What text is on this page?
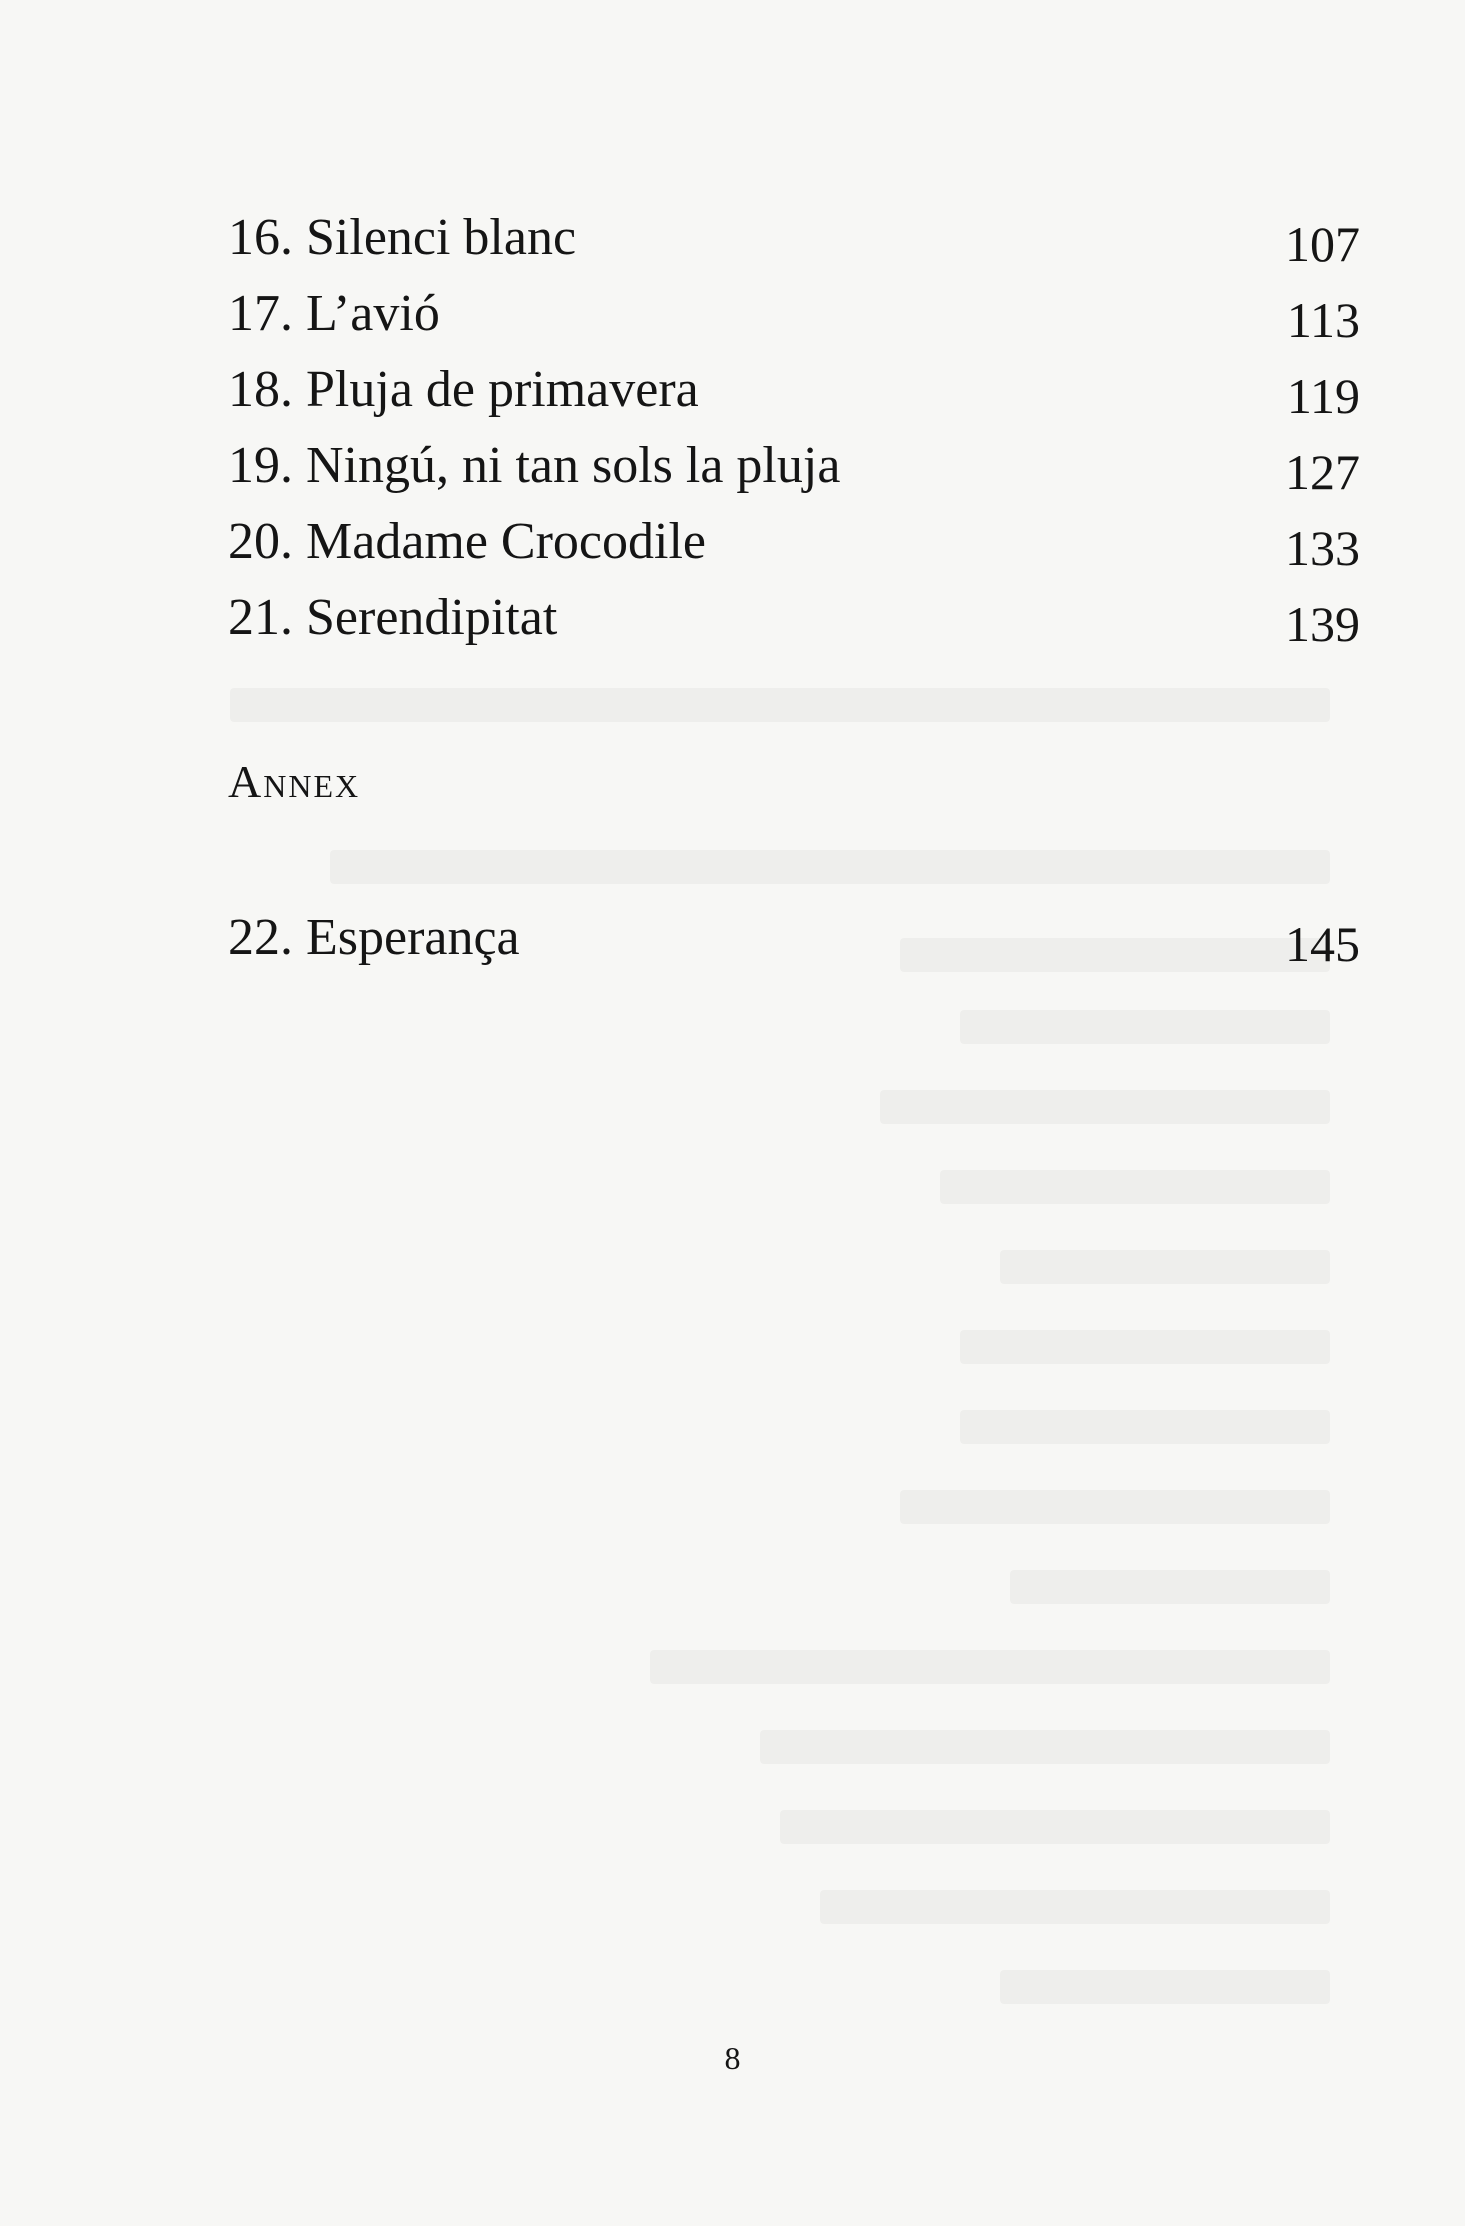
16. Silenci blanc	107
17. L’avió	113
18. Pluja de primavera	119
19. Ningú, ni tan sols la pluja	127
20. Madame Crocodile	133
21. Serendipitat	139
Annex
22. Esperança	145
8
